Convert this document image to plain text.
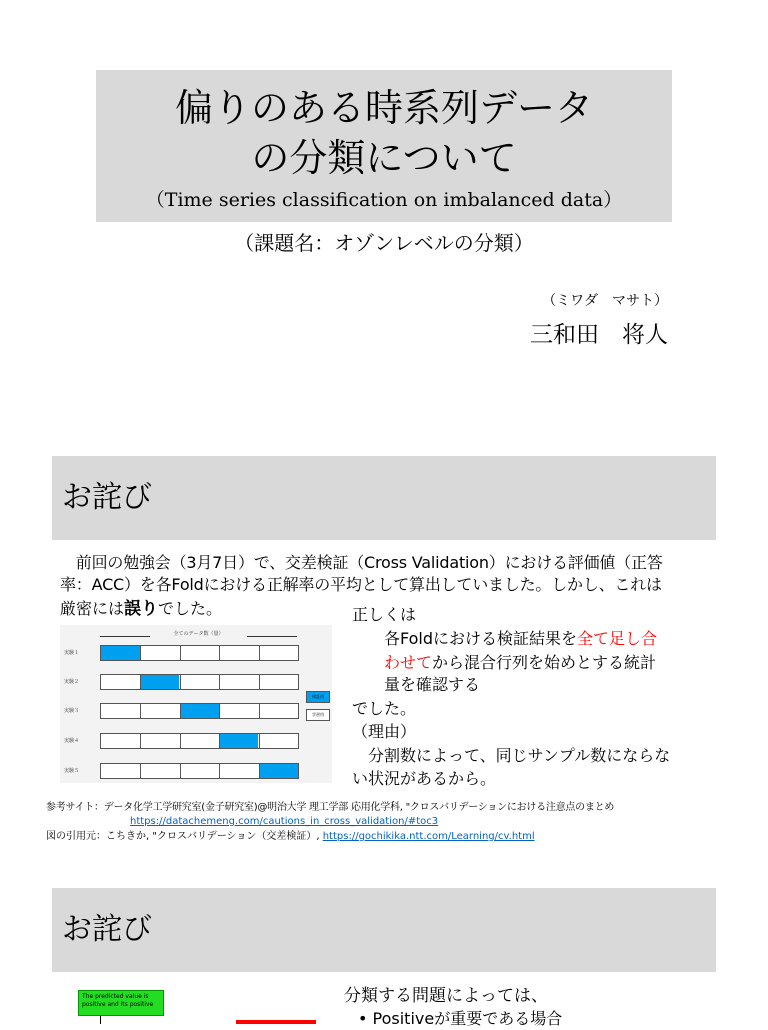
偏りのある時系列データ
の分類について
（Time series classification on imbalanced data）
（課題名：オゾンレベルの分類）
（ミワダ　マサト）
三和田　将人
お詫び
　前回の勉強会（3月7日）で、交差検証（Cross Validation）における評価値（正答
率：ACC）を各Foldにおける正解率の平均として算出していました。しかし、これは
厳密には誤りでした。	正しくは
　　各Foldにおける検証結果を全て足し合
わせてから混合行列を始めとする統計
　　量を確認する
でした。
（理由）
　分割数によって、同じサンプル数にならな
い状況があるから。
全てのデータ数（量）
実験１
実験２
実験３
実験４
実験５
検証用
学習用
参考サイト：データ化学工学研究室(金子研究室)@明治大学 理工学部 応用化学科, "クロスバリデーションにおける注意点のまとめ
https://datachemeng.com/cautions_in_cross_validation/#toc3
図の引用元：こちきか, "クロスバリデーション（交差検証）, https://gochikika.ntt.com/Learning/cv.html
お詫び
The predicted value is positive and its positive	分類する問題によっては、
• Positiveが重要である場合
